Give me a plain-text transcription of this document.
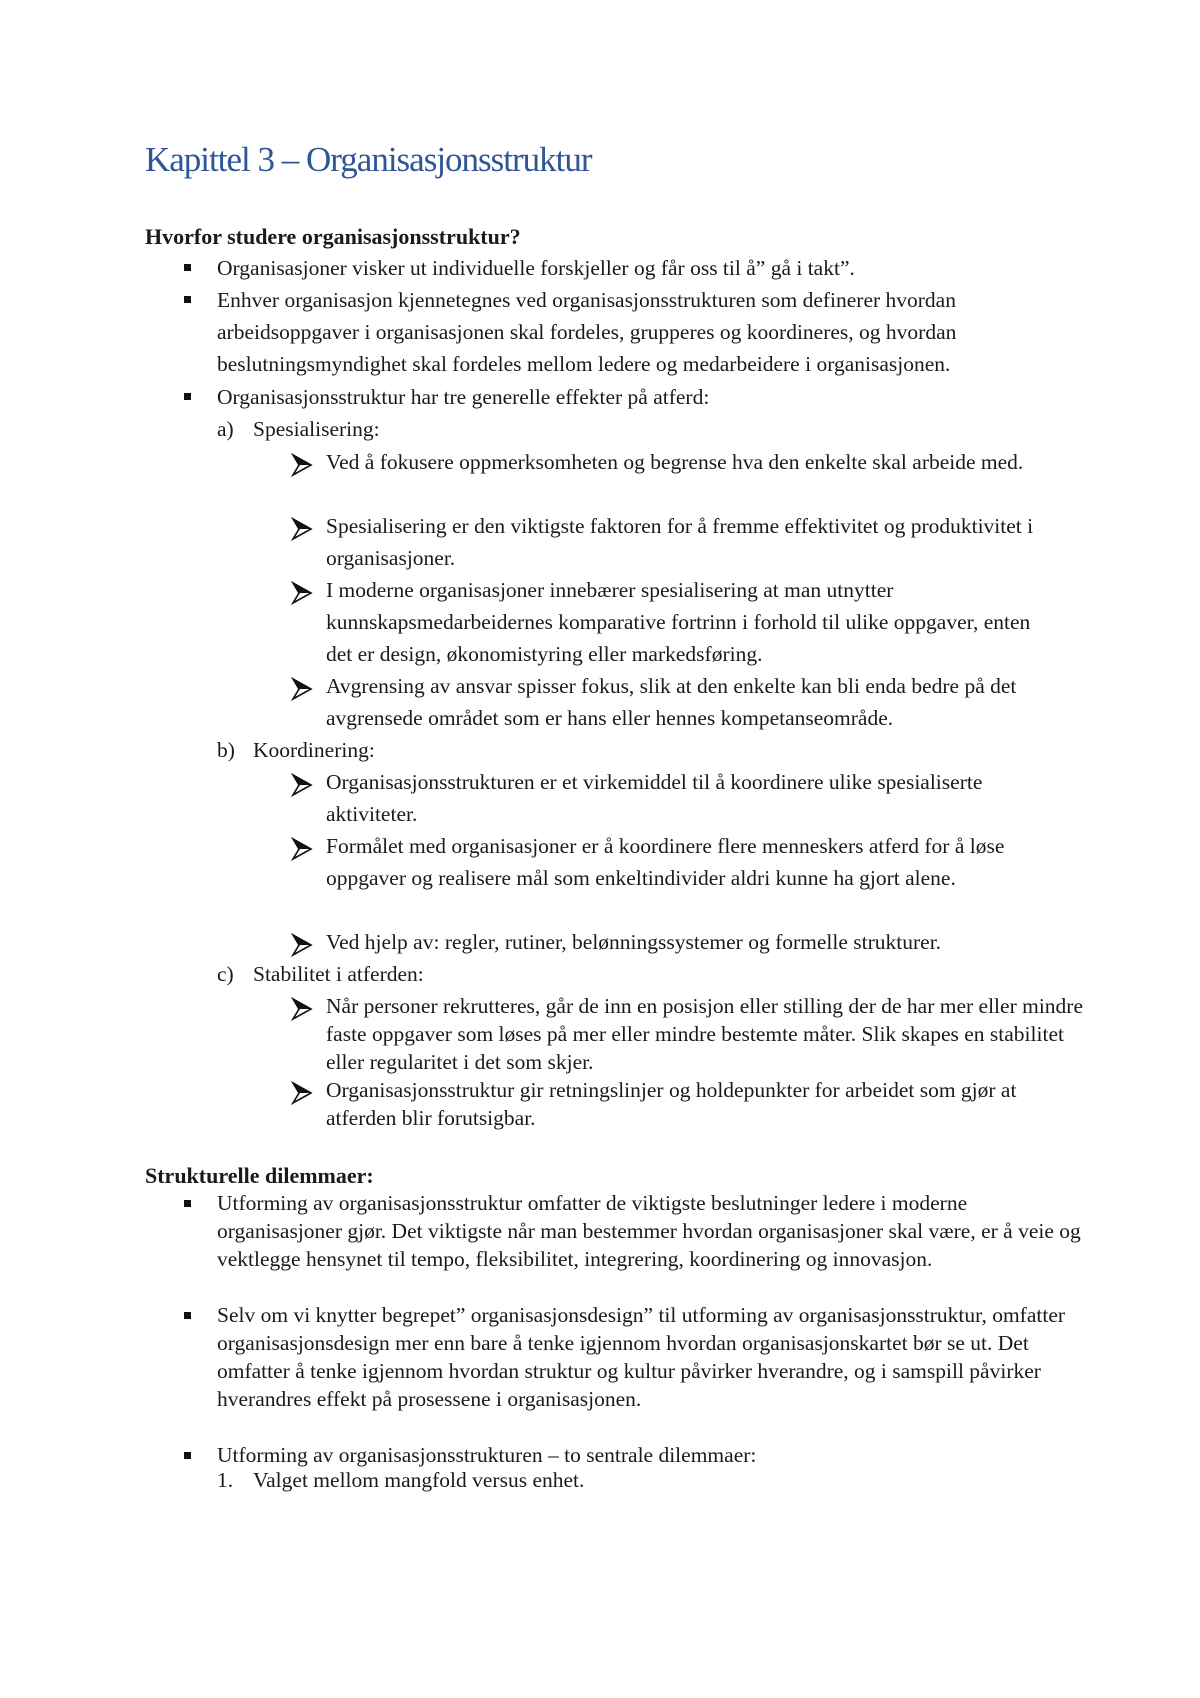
Kapittel 3 – Organisasjonsstruktur
Hvorfor studere organisasjonsstruktur?

Organisasjoner visker ut individuelle forskjeller og får oss til å” gå i takt”.

Enhver organisasjon kjennetegnes ved organisasjonsstrukturen som definerer hvordan arbeidsoppgaver i organisasjonen skal fordeles, grupperes og koordineres, og hvordan beslutningsmyndighet skal fordeles mellom ledere og medarbeidere i organisasjonen.

Organisasjonsstruktur har tre generelle effekter på atferd:

a) Spesialisering:

Ved å fokusere oppmerksomheten og begrense hva den enkelte skal arbeide med.

Spesialisering er den viktigste faktoren for å fremme effektivitet og produktivitet i organisasjoner.

I moderne organisasjoner innebærer spesialisering at man utnytter kunnskapsmedarbeidernes komparative fortrinn i forhold til ulike oppgaver, enten det er design, økonomistyring eller markedsføring.

Avgrensing av ansvar spisser fokus, slik at den enkelte kan bli enda bedre på det avgrensede området som er hans eller hennes kompetanseområde.

b) Koordinering:

Organisasjonsstrukturen er et virkemiddel til å koordinere ulike spesialiserte aktiviteter.

Formålet med organisasjoner er å koordinere flere menneskers atferd for å løse oppgaver og realisere mål som enkeltindivider aldri kunne ha gjort alene.

Ved hjelp av: regler, rutiner, belønningssystemer og formelle strukturer.

c) Stabilitet i atferden:

Når personer rekrutteres, går de inn en posisjon eller stilling der de har mer eller mindre faste oppgaver som løses på mer eller mindre bestemte måter. Slik skapes en stabilitet eller regularitet i det som skjer.

Organisasjonsstruktur gir retningslinjer og holdepunkter for arbeidet som gjør at atferden blir forutsigbar.

Strukturelle dilemmaer:

Utforming av organisasjonsstruktur omfatter de viktigste beslutninger ledere i moderne organisasjoner gjør. Det viktigste når man bestemmer hvordan organisasjoner skal være, er å veie og vektlegge hensynet til tempo, fleksibilitet, integrering, koordinering og innovasjon.

Selv om vi knytter begrepet” organisasjonsdesign” til utforming av organisasjonsstruktur, omfatter organisasjonsdesign mer enn bare å tenke igjennom hvordan organisasjonskartet bør se ut. Det omfatter å tenke igjennom hvordan struktur og kultur påvirker hverandre, og i samspill påvirker hverandres effekt på prosessene i organisasjonen.

Utforming av organisasjonsstrukturen – to sentrale dilemmaer:

1. Valget mellom mangfold versus enhet.
